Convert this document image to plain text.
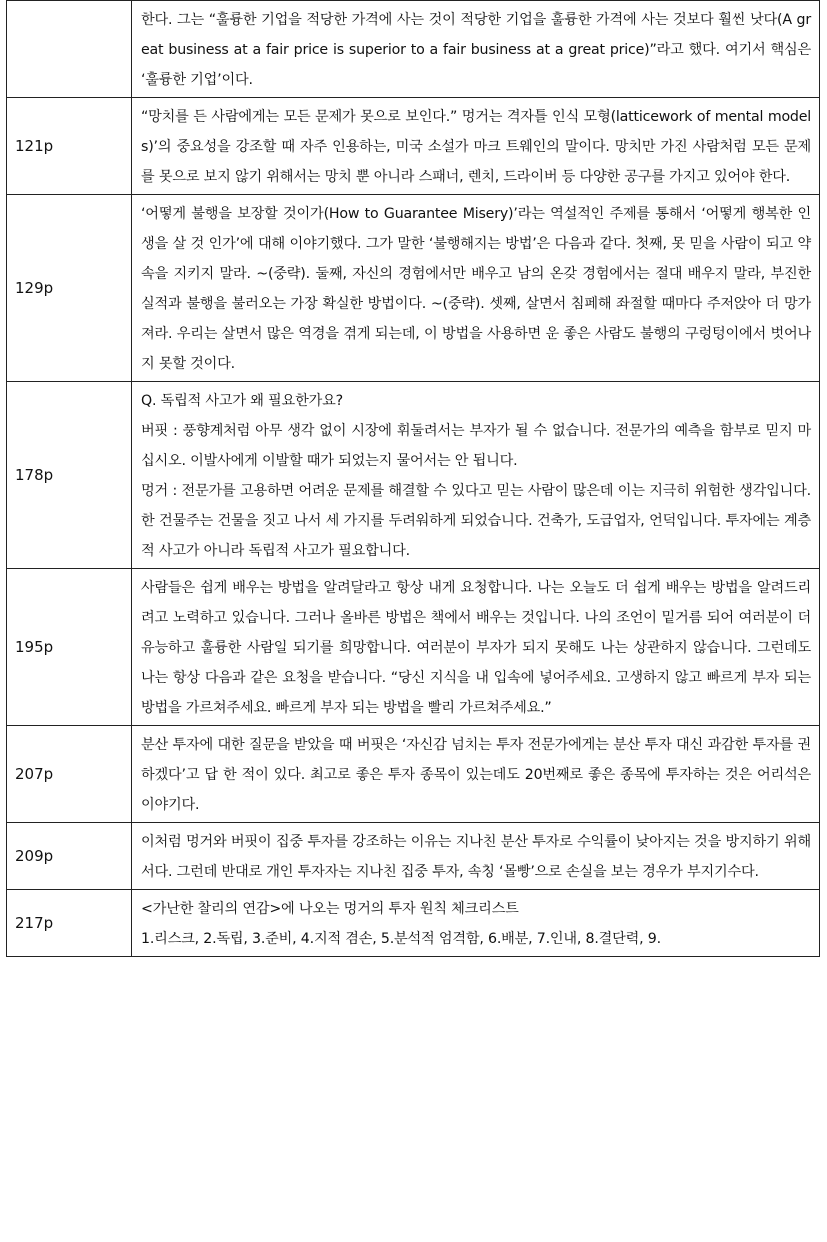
	한다. 그는 “훌륭한 기업을 적당한 가격에 사는 것이 적당한 기업을 훌륭한 가격에 사는 것보다 훨씬 낫다(A great business at a fair price is superior to a fair business at a great price)”라고 했다. 여기서 핵심은 ‘훌륭한 기업’이다.

121p	“망치를 든 사람에게는 모든 문제가 못으로 보인다.” 멍거는 격자틀 인식 모형(latticework of mental models)’의 중요성을 강조할 때 자주 인용하는, 미국 소설가 마크 트웨인의 말이다. 망치만 가진 사람처럼 모든 문제를 못으로 보지 않기 위해서는 망치 뿐 아니라 스패너, 렌치, 드라이버 등 다양한 공구를 가지고 있어야 한다.

129p	‘어떻게 불행을 보장할 것이가(How to Guarantee Misery)’라는 역설적인 주제를 통해서 ‘어떻게 행복한 인생을 살 것 인가’에 대해 이야기했다. 그가 말한 ‘불행해지는 방법’은 다음과 같다. 첫째, 못 믿을 사람이 되고 약속을 지키지 말라. ~(중략). 둘째, 자신의 경험에서만 배우고 남의 온갖 경험에서는 절대 배우지 말라, 부진한 실적과 불행을 불러오는 가장 확실한 방법이다. ~(중략). 셋째, 살면서 침페해 좌절할 때마다 주저앉아 더 망가져라. 우리는 살면서 많은 역경을 겪게 되는데, 이 방법을 사용하면 운 좋은 사람도 불행의 구렁텅이에서 벗어나지 못할 것이다.

178p	Q. 독립적 사고가 왜 필요한가요?

버핏 : 풍향계처럼 아무 생각 없이 시장에 휘둘려서는 부자가 될 수 없습니다. 전문가의 예측을 함부로 믿지 마십시오. 이발사에게 이발할 때가 되었는지 물어서는 안 됩니다.

멍거 : 전문가를 고용하면 어려운 문제를 해결할 수 있다고 믿는 사람이 많은데 이는 지극히 위험한 생각입니다. 한 건물주는 건물을 짓고 나서 세 가지를 두려워하게 되었습니다. 건축가, 도급업자, 언덕입니다. 투자에는 계층적 사고가 아니라 독립적 사고가 필요합니다.

195p	사람들은 쉽게 배우는 방법을 알려달라고 항상 내게 요청합니다. 나는 오늘도 더 쉽게 배우는 방법을 알려드리려고 노력하고 있습니다. 그러나 올바른 방법은 책에서 배우는 것입니다. 나의 조언이 밑거름 되어 여러분이 더 유능하고 훌륭한 사람일 되기를 희망합니다. 여러분이 부자가 되지 못해도 나는 상관하지 않습니다. 그런데도 나는 항상 다음과 같은 요청을 받습니다. “당신 지식을 내 입속에 넣어주세요. 고생하지 않고 빠르게 부자 되는 방법을 가르쳐주세요. 빠르게 부자 되는 방법을 빨리 가르쳐주세요.”

207p	분산 투자에 대한 질문을 받았을 때 버핏은 ‘자신감 넘치는 투자 전문가에게는 분산 투자 대신 과감한 투자를 권하겠다’고 답 한 적이 있다. 최고로 좋은 투자 종목이 있는데도 20번째로 좋은 종목에 투자하는 것은 어리석은 이야기다.

209p	이처럼 멍거와 버핏이 집중 투자를 강조하는 이유는 지나친 분산 투자로 수익률이 낮아지는 것을 방지하기 위해서다. 그런데 반대로 개인 투자자는 지나친 집중 투자, 속칭 ‘몰빵’으로 손실을 보는 경우가 부지기수다.

217p	<가난한 찰리의 연감>에 나오는 멍거의 투자 원칙 체크리스트

1.리스크, 2.독립, 3.준비, 4.지적 겸손, 5.분석적 엄격함, 6.배분, 7.인내, 8.결단력, 9.
